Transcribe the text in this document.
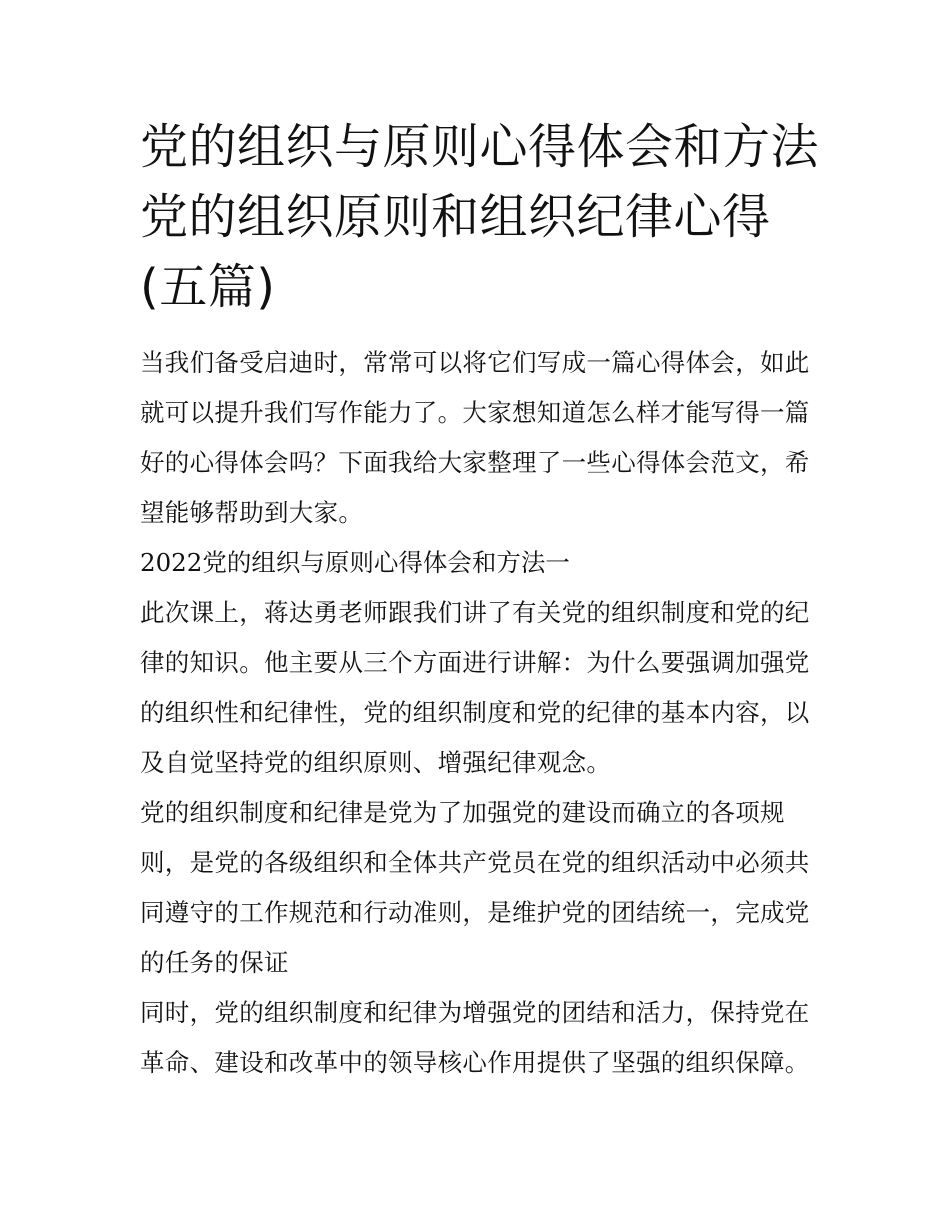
党的组织与原则心得体会和方法 党的组织原则和组织纪律心得(五篇)

当我们备受启迪时，常常可以将它们写成一篇心得体会，如此就可以提升我们写作能力了。大家想知道怎么样才能写得一篇好的心得体会吗？下面我给大家整理了一些心得体会范文，希望能够帮助到大家。

2022党的组织与原则心得体会和方法一

此次课上，蒋达勇老师跟我们讲了有关党的组织制度和党的纪律的知识。他主要从三个方面进行讲解：为什么要强调加强党的组织性和纪律性，党的组织制度和党的纪律的基本内容，以及自觉坚持党的组织原则、增强纪律观念。

党的组织制度和纪律是党为了加强党的建设而确立的各项规则，是党的各级组织和全体共产党员在党的组织活动中必须共同遵守的工作规范和行动准则，是维护党的团结统一，完成党的任务的保证

同时，党的组织制度和纪律为增强党的团结和活力，保持党在革命、建设和改革中的领导核心作用提供了坚强的组织保障。
